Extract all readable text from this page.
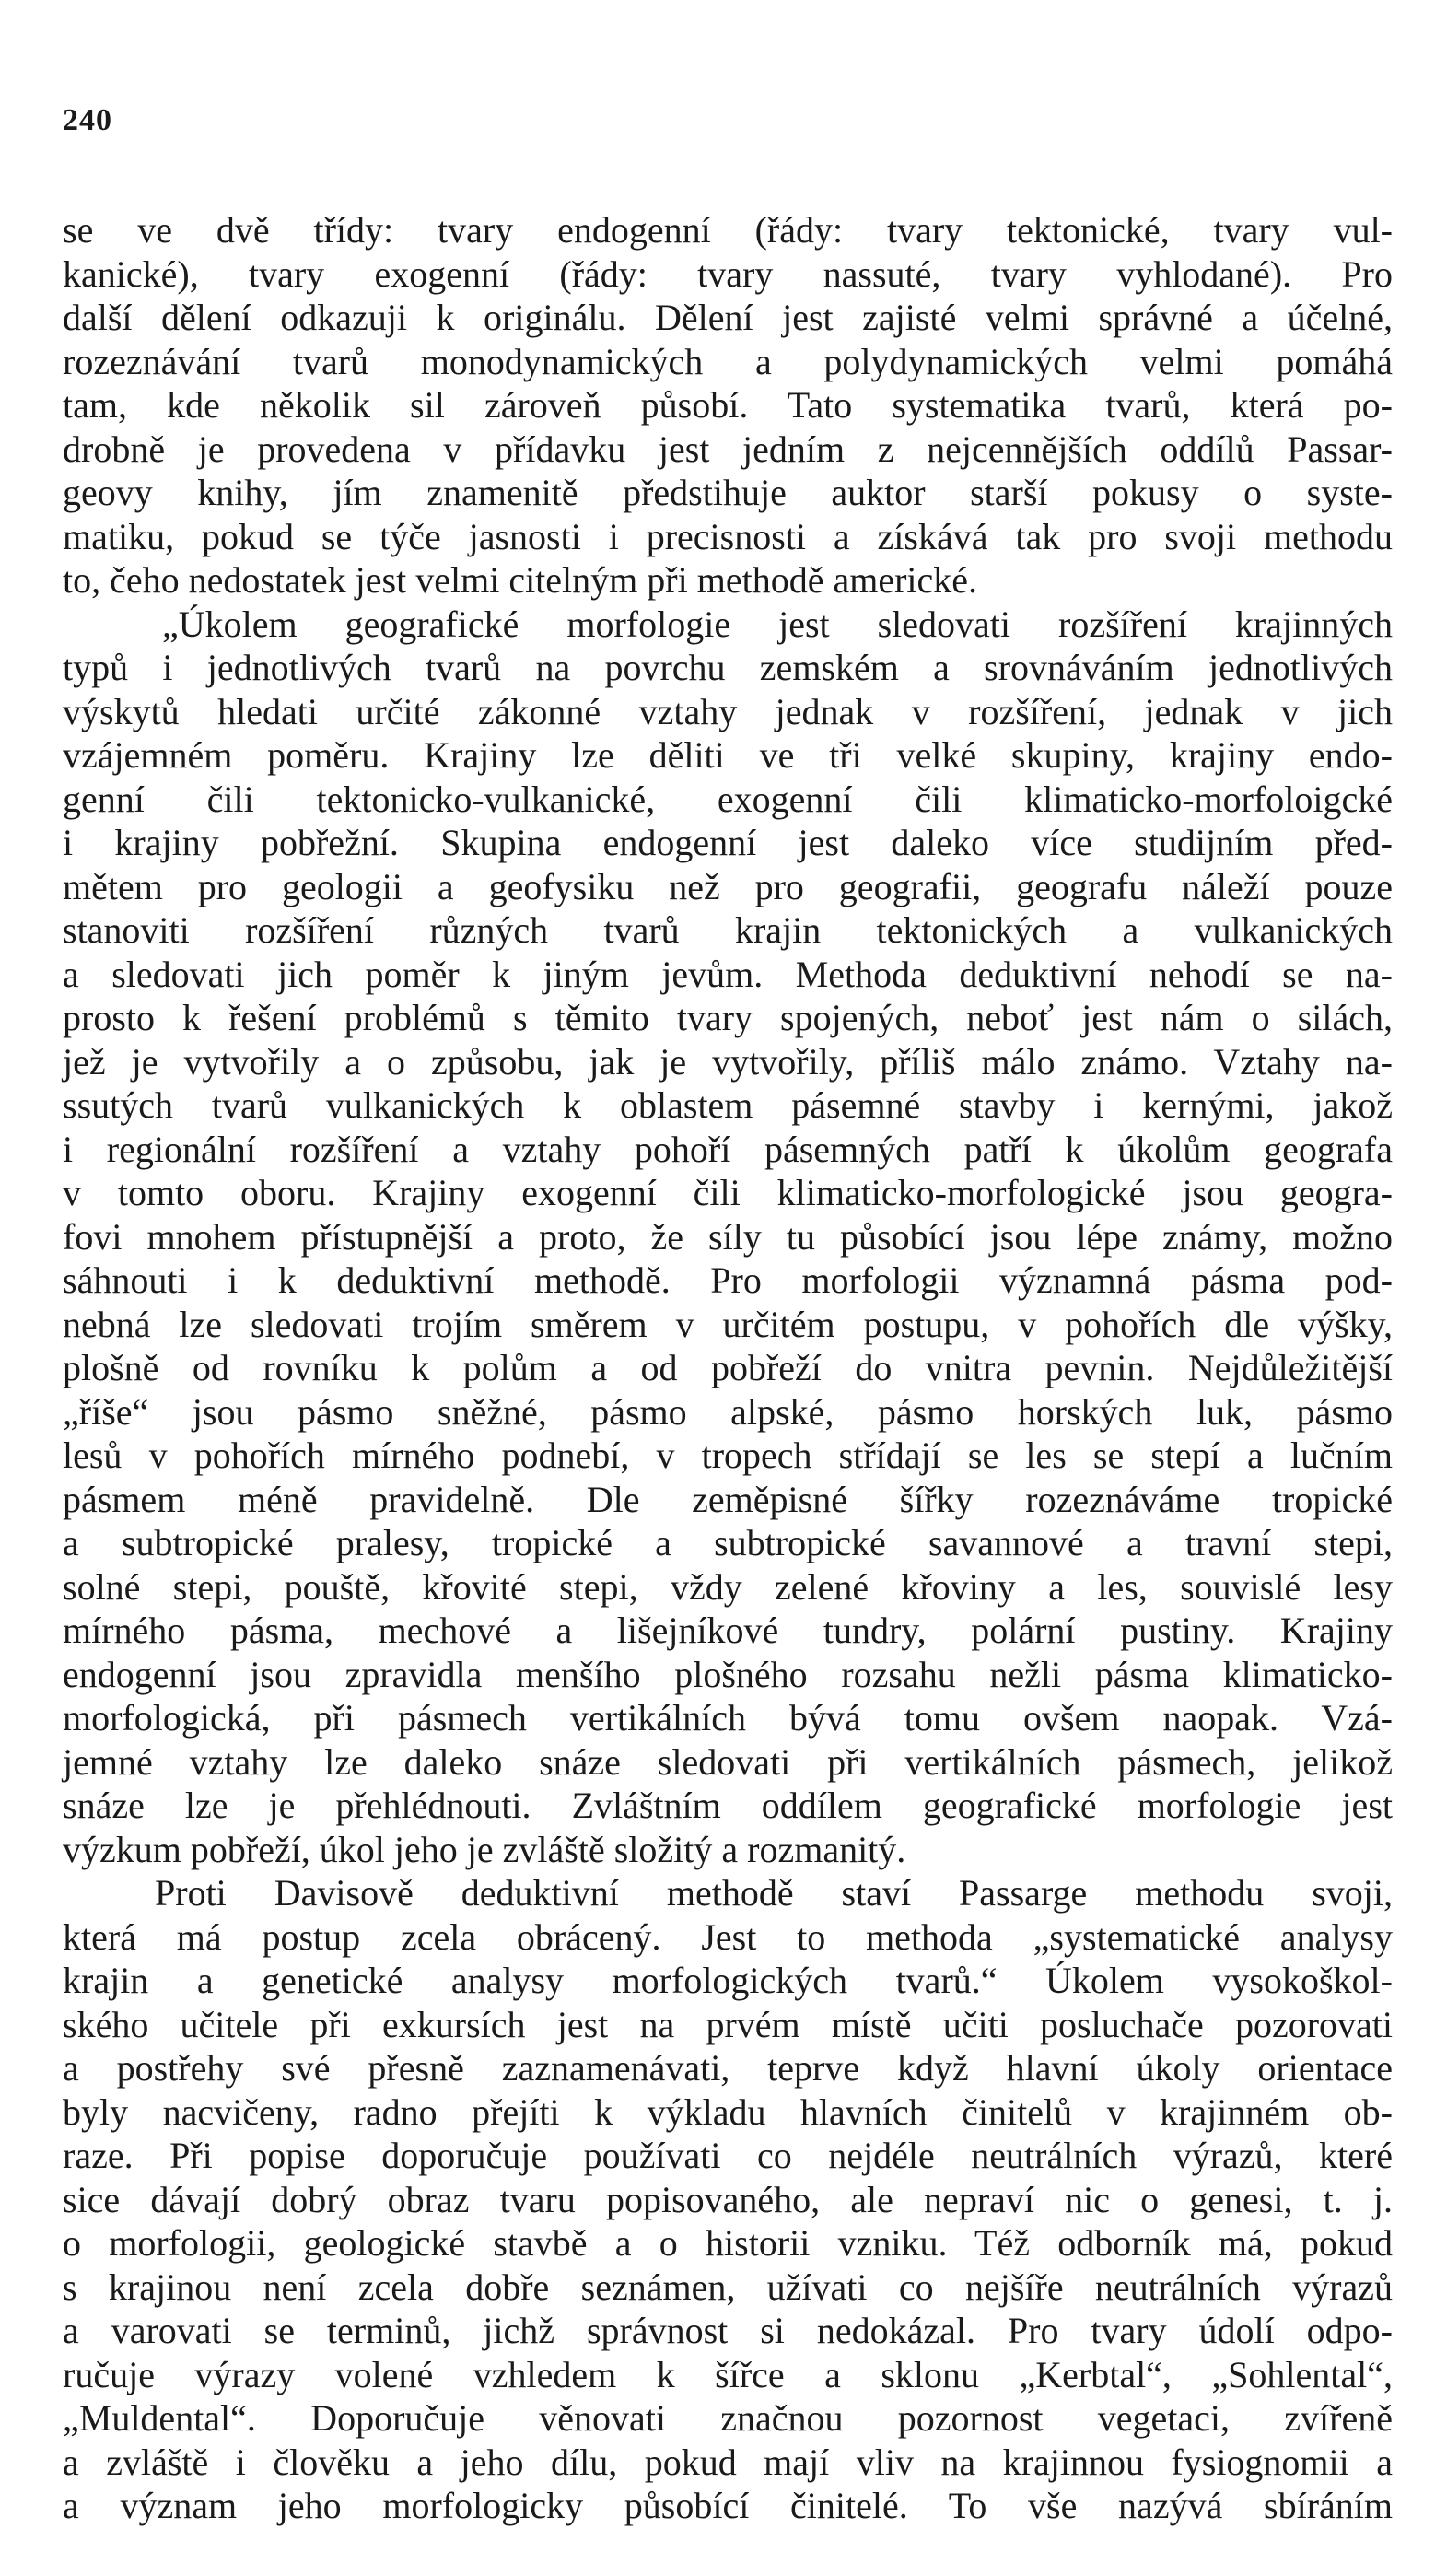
240
se ve dvě třídy: tvary endogenní (řády: tvary tektonické, tvary vul-
kanické), tvary exogenní (řády: tvary nassuté, tvary vyhlodané). Pro
další dělení odkazuji k originálu. Dělení jest zajisté velmi správné a účelné,
rozeznávání tvarů monodynamických a polydynamických velmi pomáhá
tam, kde několik sil zároveň působí. Tato systematika tvarů, která po-
drobně je provedena v přídavku jest jedním z nejcennějších oddílů Passar-
geovy knihy, jím znamenitě předstihuje auktor starší pokusy o syste-
matiku, pokud se týče jasnosti i precisnosti a získává tak pro svoji methodu
to, čeho nedostatek jest velmi citelným při methodě americké.
„Úkolem geografické morfologie jest sledovati rozšíření krajinných
typů i jednotlivých tvarů na povrchu zemském a srovnáváním jednotlivých
výskytů hledati určité zákonné vztahy jednak v rozšíření, jednak v jich
vzájemném poměru. Krajiny lze děliti ve tři velké skupiny, krajiny endo-
genní čili tektonicko-vulkanické, exogenní čili klimaticko-morfoloigcké
i krajiny pobřežní. Skupina endogenní jest daleko více studijním před-
mětem pro geologii a geofysiku než pro geografii, geografu náleží pouze
stanoviti rozšíření různých tvarů krajin tektonických a vulkanických
a sledovati jich poměr k jiným jevům. Methoda deduktivní nehodí se na-
prosto k řešení problémů s těmito tvary spojených, neboť jest nám o silách,
jež je vytvořily a o způsobu, jak je vytvořily, příliš málo známo. Vztahy na-
ssutých tvarů vulkanických k oblastem pásemné stavby i kernými, jakož
i regionální rozšíření a vztahy pohoří pásemných patří k úkolům geografa
v tomto oboru. Krajiny exogenní čili klimaticko-morfologické jsou geogra-
fovi mnohem přístupnější a proto, že síly tu působící jsou lépe známy, možno
sáhnouti i k deduktivní methodě. Pro morfologii významná pásma pod-
nebná lze sledovati trojím směrem v určitém postupu, v pohořích dle výšky,
plošně od rovníku k polům a od pobřeží do vnitra pevnin. Nejdůležitější
„říše“ jsou pásmo sněžné, pásmo alpské, pásmo horských luk, pásmo
lesů v pohořích mírného podnebí, v tropech střídají se les se stepí a lučním
pásmem méně pravidelně. Dle zeměpisné šířky rozeznáváme tropické
a subtropické pralesy, tropické a subtropické savannové a travní stepi,
solné stepi, pouště, křovité stepi, vždy zelené křoviny a les, souvislé lesy
mírného pásma, mechové a lišejníkové tundry, polární pustiny. Krajiny
endogenní jsou zpravidla menšího plošného rozsahu nežli pásma klimaticko-
morfologická, při pásmech vertikálních bývá tomu ovšem naopak. Vzá-
jemné vztahy lze daleko snáze sledovati při vertikálních pásmech, jelikož
snáze lze je přehlédnouti. Zvláštním oddílem geografické morfologie jest
výzkum pobřeží, úkol jeho je zvláště složitý a rozmanitý.
Proti Davisově deduktivní methodě staví Passarge methodu svoji,
která má postup zcela obrácený. Jest to methoda „systematické analysy
krajin a genetické analysy morfologických tvarů.“ Úkolem vysokoškol-
ského učitele při exkursích jest na prvém místě učiti posluchače pozorovati
a postřehy své přesně zaznamenávati, teprve když hlavní úkoly orientace
byly nacvičeny, radno přejíti k výkladu hlavních činitelů v krajinném ob-
raze. Při popise doporučuje používati co nejdéle neutrálních výrazů, které
sice dávají dobrý obraz tvaru popisovaného, ale nepraví nic o genesi, t. j.
o morfologii, geologické stavbě a o historii vzniku. Též odborník má, pokud
s krajinou není zcela dobře seznámen, užívati co nejšíře neutrálních výrazů
a varovati se terminů, jichž správnost si nedokázal. Pro tvary údolí odpo-
ručuje výrazy volené vzhledem k šířce a sklonu „Kerbtal“, „Sohlental“,
„Muldental“. Doporučuje věnovati značnou pozornost vegetaci, zvířeně
a zvláště i člověku a jeho dílu, pokud mají vliv na krajinnou fysiognomii a
a význam jeho morfologicky působící činitelé. To vše nazývá sbíráním
